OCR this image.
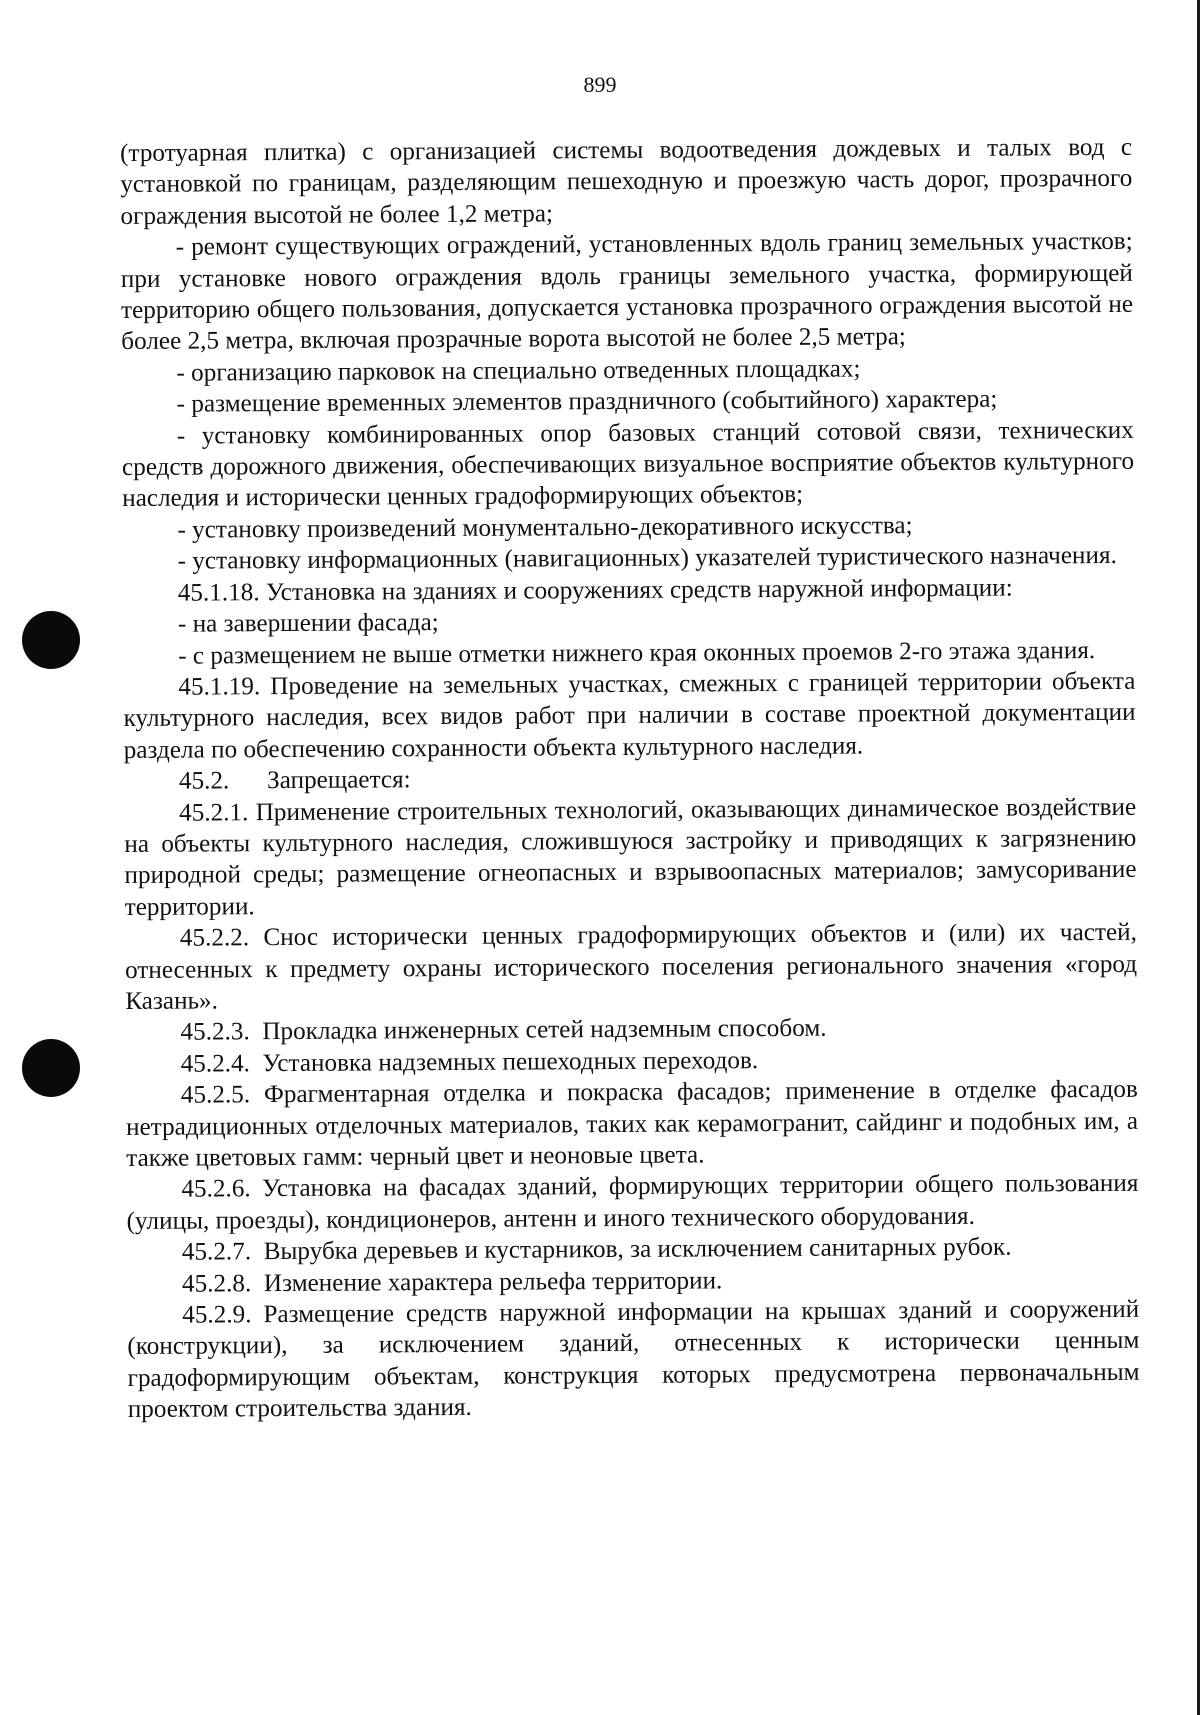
899

(тротуарная плитка) с организацией системы водоотведения дождевых и талых вод с установкой по границам, разделяющим пешеходную и проезжую часть дорог, прозрачного ограждения высотой не более 1,2 метра;

- ремонт существующих ограждений, установленных вдоль границ земельных участков; при установке нового ограждения вдоль границы земельного участка, формирующей территорию общего пользования, допускается установка прозрачного ограждения высотой не более 2,5 метра, включая прозрачные ворота высотой не более 2,5 метра;

- организацию парковок на специально отведенных площадках;

- размещение временных элементов праздничного (событийного) характера;

- установку комбинированных опор базовых станций сотовой связи, технических средств дорожного движения, обеспечивающих визуальное восприятие объектов культурного наследия и исторически ценных градоформирующих объектов;

- установку произведений монументально-декоративного искусства;

- установку информационных (навигационных) указателей туристического назначения.

45.1.18. Установка на зданиях и сооружениях средств наружной информации:

- на завершении фасада;

- с размещением не выше отметки нижнего края оконных проемов 2-го этажа здания.

45.1.19. Проведение на земельных участках, смежных с границей территории объекта культурного наследия, всех видов работ при наличии в составе проектной документации раздела по обеспечению сохранности объекта культурного наследия.

45.2.      Запрещается:

45.2.1. Применение строительных технологий, оказывающих динамическое воздействие на объекты культурного наследия, сложившуюся застройку и приводящих к загрязнению природной среды; размещение огнеопасных и взрывоопасных материалов; замусоривание территории.

45.2.2. Снос исторически ценных градоформирующих объектов и (или) их частей, отнесенных к предмету охраны исторического поселения регионального значения «город Казань».

45.2.3.  Прокладка инженерных сетей надземным способом.

45.2.4.  Установка надземных пешеходных переходов.

45.2.5. Фрагментарная отделка и покраска фасадов; применение в отделке фасадов нетрадиционных отделочных материалов, таких как керамогранит, сайдинг и подобных им, а также цветовых гамм: черный цвет и неоновые цвета.

45.2.6. Установка на фасадах зданий, формирующих территории общего пользования (улицы, проезды), кондиционеров, антенн и иного технического оборудования.

45.2.7.  Вырубка деревьев и кустарников, за исключением санитарных рубок.

45.2.8.  Изменение характера рельефа территории.

45.2.9. Размещение средств наружной информации на крышах зданий и сооружений (конструкции), за исключением зданий, отнесенных к исторически ценным градоформирующим объектам, конструкция которых предусмотрена первоначальным проектом строительства здания.
